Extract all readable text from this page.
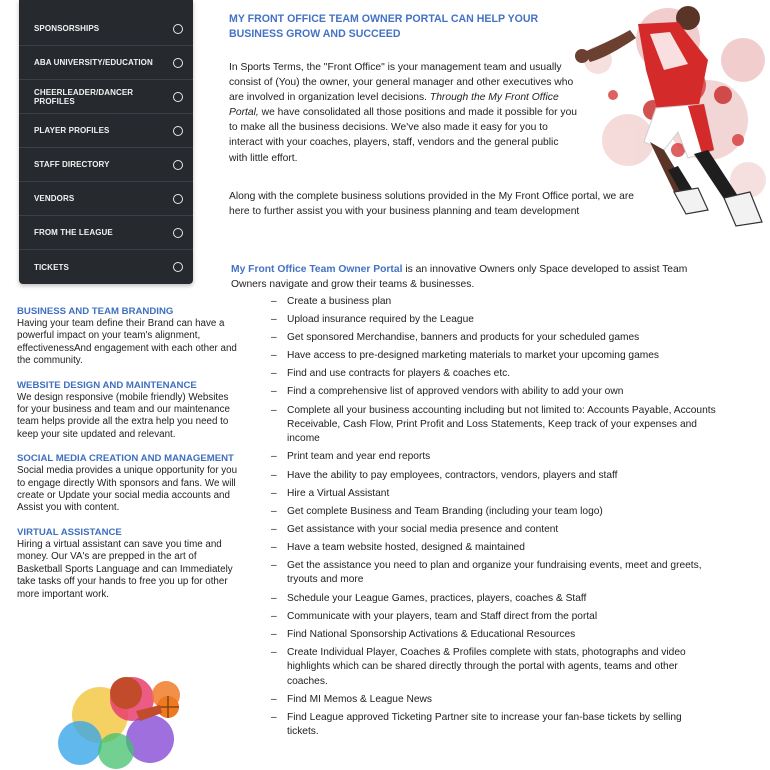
SPONSORSHIPS
ABA UNIVERSITY/EDUCATION
CHEERLEADER/DANCER PROFILES
PLAYER PROFILES
STAFF DIRECTORY
VENDORS
FROM THE LEAGUE
TICKETS
BUSINESS AND TEAM BRANDING
Having your team define their Brand can have a powerful impact on your team's alignment, effectivenessAnd engagement with each other and the community.
WEBSITE DESIGN AND MAINTENANCE
We design responsive (mobile friendly) Websites for your business and team and our maintenance team helps provide all the extra help you need to keep your site updated and relevant.
SOCIAL MEDIA CREATION AND MANAGEMENT
Social media provides a unique opportunity for you to engage directly With sponsors and fans. We will create or Update your social media accounts and Assist you with content.
VIRTUAL ASSISTANCE
Hiring a virtual assistant can save you time and money. Our VA's are prepped in the art of Basketball Sports Language and can Immediately take tasks off your hands to free you up for other more important work.
MY FRONT OFFICE TEAM OWNER PORTAL CAN HELP YOUR BUSINESS GROW AND SUCCEED
In Sports Terms, the "Front Office" is your management team and usually consist of (You) the owner, your general manager and other executives who are involved in organization level decisions. Through the My Front Office Portal, we have consolidated all those positions and made it possible for you to make all the business decisions. We've also made it easy for you to interact with your coaches, players, staff, vendors and the general public with little effort.
Along with the complete business solutions provided in the My Front Office portal, we are here to further assist you with your business planning and team development
My Front Office Team Owner Portal is an innovative Owners only Space developed to assist Team Owners navigate and grow their teams & businesses.
– Create a business plan
– Upload insurance required by the League
– Get sponsored Merchandise, banners and products for your scheduled games
– Have access to pre-designed marketing materials to market your upcoming games
– Find and use contracts for players & coaches etc.
– Find a comprehensive list of approved vendors with ability to add your own
– Complete all your business accounting including but not limited to: Accounts Payable, Accounts Receivable, Cash Flow, Print Profit and Loss Statements, Keep track of your expenses and income
– Print team and year end reports
– Have the ability to pay employees, contractors, vendors, players and staff
– Hire a Virtual Assistant
– Get complete Business and Team Branding (including your team logo)
– Get assistance with your social media presence and content
– Have a team website hosted, designed & maintained
– Get the assistance you need to plan and organize your fundraising events, meet and greets, tryouts and more
– Schedule your League Games, practices, players, coaches & Staff
– Communicate with your players, team and Staff direct from the portal
– Find National Sponsorship Activations & Educational Resources
– Create Individual Player, Coaches & Profiles complete with stats, photographs and video highlights which can be shared directly through the portal with agents, teams and other coaches.
– Find MI Memos & League News
– Find League approved Ticketing Partner site to increase your fan-base tickets by selling tickets.
